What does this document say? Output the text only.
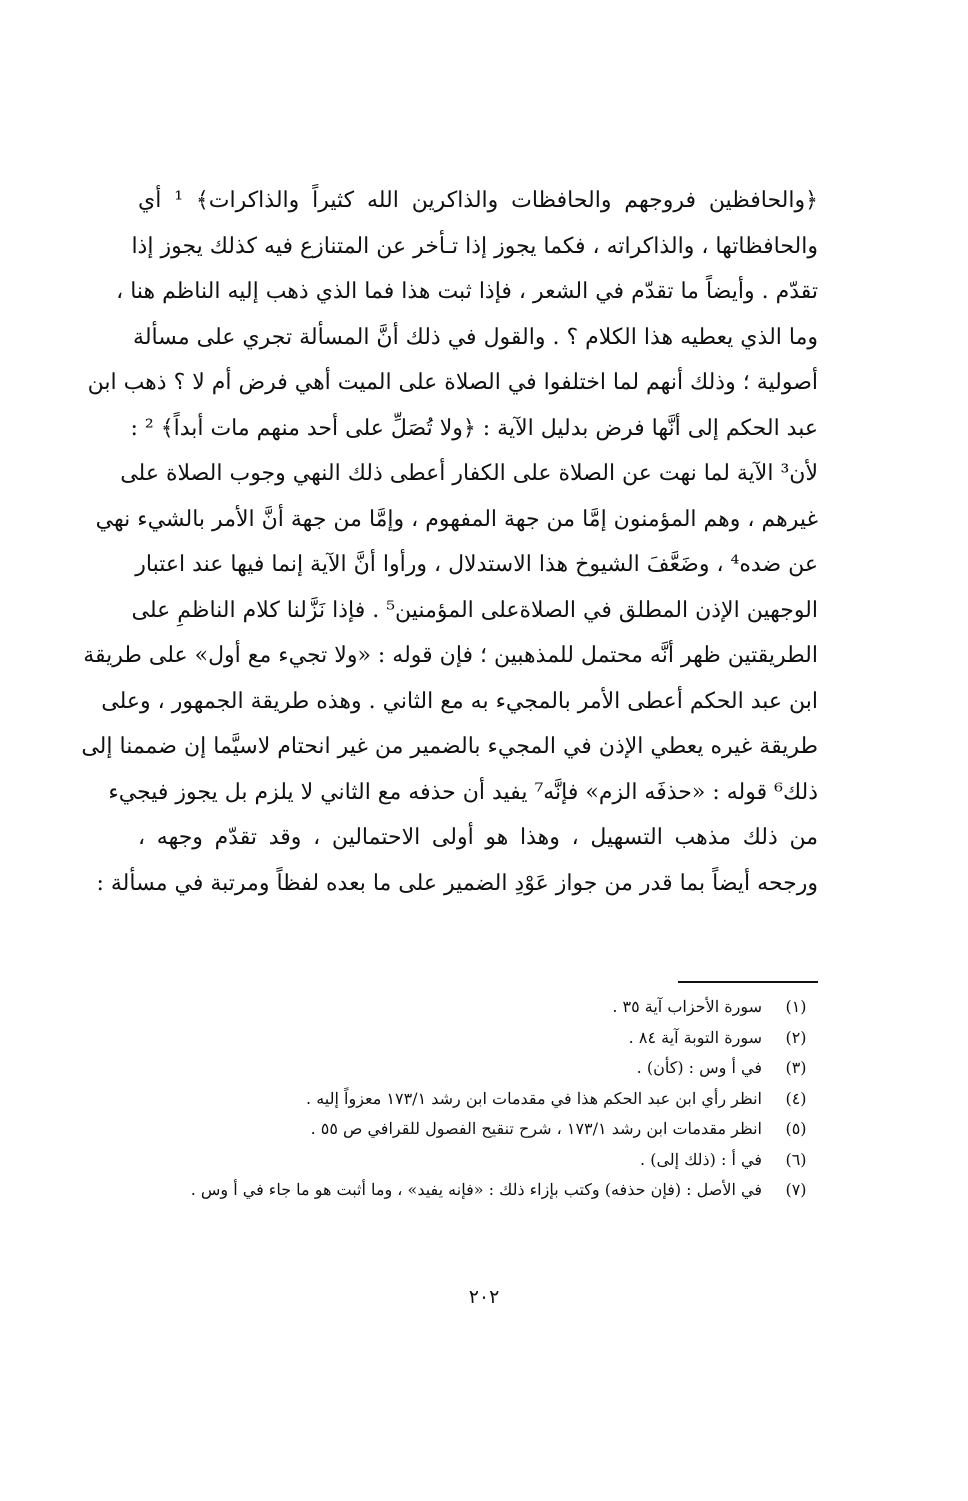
﴿والحافظين فروجهم والحافظات والذاكرين الله كثيراً والذاكرات﴾ ¹ أي
والحافظاتها ، والذاكراته ، فكما يجوز إذا تـأخر عن المتنازع فيه كذلك يجوز إذا
تقدّم . وأيضاً ما تقدّم في الشعر ، فإذا ثبت هذا فما الذي ذهب إليه الناظم هنا ،
وما الذي يعطيه هذا الكلام ؟ . والقول في ذلك أنَّ المسألة تجري على مسألة
أصولية ؛ وذلك أنهم لما اختلفوا في الصلاة على الميت أهي فرض أم لا ؟ ذهب ابن
عبد الحكم إلى أنَّها فرض بدليل الآية : ﴿ولا تُصَلِّ على أحد منهم مات أبداً﴾ ² :
لأن³ الآية لما نهت عن الصلاة على الكفار أعطى ذلك النهي وجوب الصلاة على
غيرهم ، وهم المؤمنون إمَّا من جهة المفهوم ، وإمَّا من جهة أنَّ الأمر بالشيء نهي
عن ضده⁴ ، وضَعَّفَ الشيوخ هذا الاستدلال ، ورأوا أنَّ الآية إنما فيها عند اعتبار
الوجهين الإذن المطلق في الصلاةعلى المؤمنين⁵ . فإذا نَزَّلنا كلام الناظمِ على
الطريقتين ظهر أنَّه محتمل للمذهبين ؛ فإن قوله : «ولا تجيء مع أول» على طريقة
ابن عبد الحكم أعطى الأمر بالمجيء به مع الثاني . وهذه طريقة الجمهور ، وعلى
طريقة غيره يعطي الإذن في المجيء بالضمير من غير انحتام لاسيَّما إن ضممنا إلى
ذلك⁶ قوله : «حذفَه الزم» فإنَّه⁷ يفيد أن حذفه مع الثاني لا يلزم بل يجوز فيجيء
من ذلك مذهب التسهيل ، وهذا هو أولى الاحتمالين ، وقد تقدّم وجهه ،
ورجحه أيضاً بما قدر من جواز عَوْدِ الضمير على ما بعده لفظاً ومرتبة في مسألة :
(١)
سورة الأحزاب آية ٣٥ .
(٢)
سورة التوبة آية ٨٤ .
(٣)
في أ وس : (كأن) .
(٤)
انظر رأي ابن عبد الحكم هذا في مقدمات ابن رشد ١٧٣/١ معزواً إليه .
(٥)
انظر مقدمات ابن رشد ١٧٣/١ ، شرح تنقيح الفصول للقرافي ص ٥٥ .
(٦)
في أ : (ذلك إلى) .
(٧)
في الأصل : (فإن حذفه) وكتب بإزاء ذلك : «فإنه يفيد» ، وما أثبت هو ما جاء في أ وس .
٢٠٢
